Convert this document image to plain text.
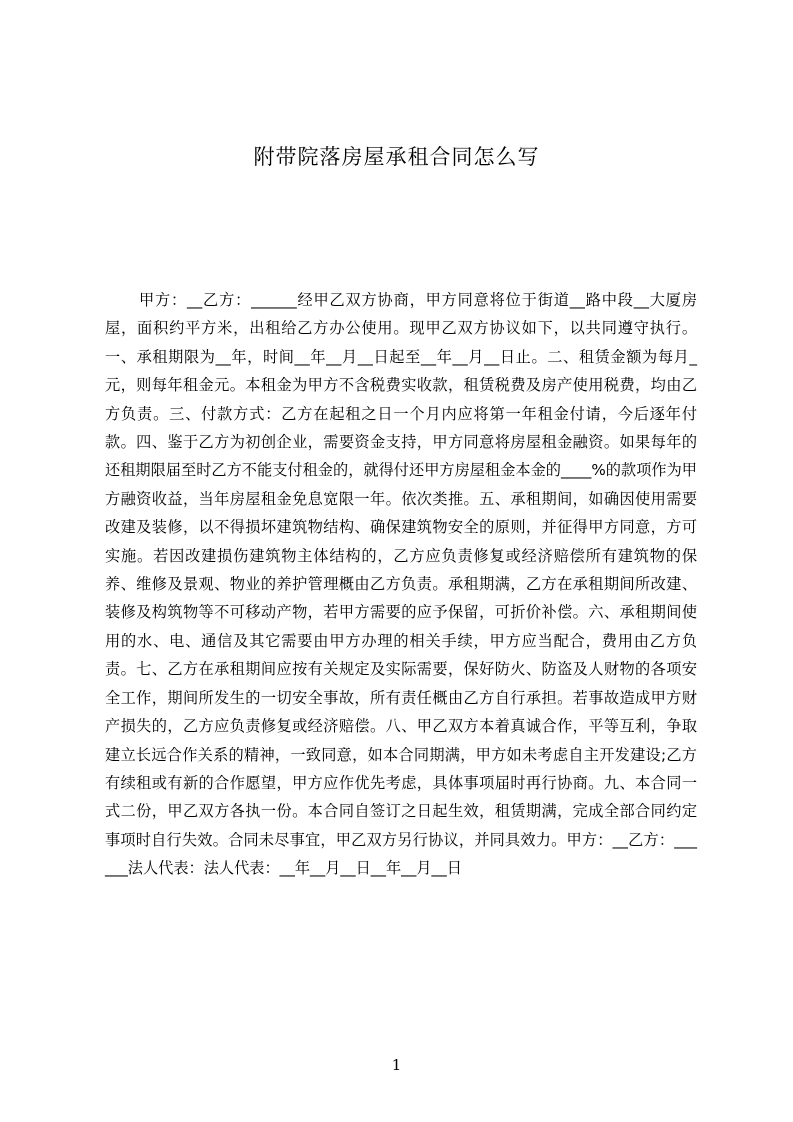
附带院落房屋承租合同怎么写

甲方：__乙方：______经甲乙双方协商，甲方同意将位于街道__路中段__大厦房屋，面积约平方米，出租给乙方办公使用。现甲乙双方协议如下，以共同遵守执行。一、承租期限为__年，时间__年__月__日起至__年__月__日止。二、租赁金额为每月_元，则每年租金元。本租金为甲方不含税费实收款，租赁税费及房产使用税费，均由乙方负责。三、付款方式：乙方在起租之日一个月内应将第一年租金付请，今后逐年付款。四、鉴于乙方为初创企业，需要资金支持，甲方同意将房屋租金融资。如果每年的还租期限届至时乙方不能支付租金的，就得付还甲方房屋租金本金的____%的款项作为甲方融资收益，当年房屋租金免息宽限一年。依次类推。五、承租期间，如确因使用需要改建及装修，以不得损坏建筑物结构、确保建筑物安全的原则，并征得甲方同意，方可实施。若因改建损伤建筑物主体结构的，乙方应负责修复或经济赔偿所有建筑物的保养、维修及景观、物业的养护管理概由乙方负责。承租期满，乙方在承租期间所改建、装修及构筑物等不可移动产物，若甲方需要的应予保留，可折价补偿。六、承租期间使用的水、电、通信及其它需要由甲方办理的相关手续，甲方应当配合，费用由乙方负责。七、乙方在承租期间应按有关规定及实际需要，保好防火、防盗及人财物的各项安全工作，期间所发生的一切安全事故，所有责任概由乙方自行承担。若事故造成甲方财产损失的，乙方应负责修复或经济赔偿。八、甲乙双方本着真诚合作，平等互利，争取建立长远合作关系的精神，一致同意，如本合同期满，甲方如未考虑自主开发建设;乙方有续租或有新的合作愿望，甲方应作优先考虑，具体事项届时再行协商。九、本合同一式二份，甲乙双方各执一份。本合同自签订之日起生效，租赁期满，完成全部合同约定事项时自行失效。合同未尽事宜，甲乙双方另行协议，并同具效力。甲方：__乙方：______法人代表：法人代表：__年__月__日__年__月__日

1
